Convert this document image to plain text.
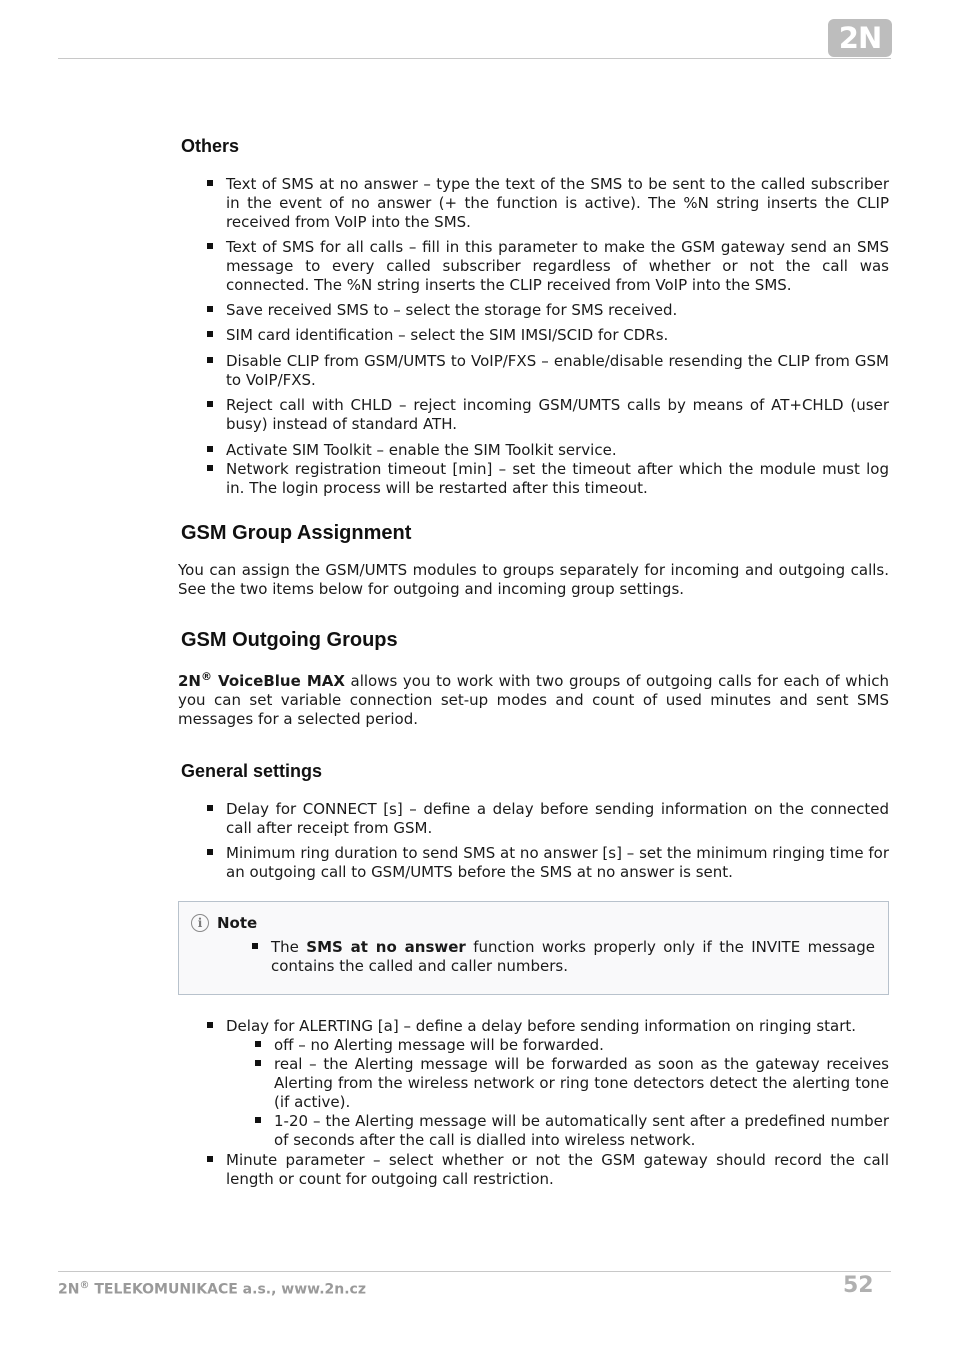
2N
Others
Text of SMS at no answer – type the text of the SMS to be sent to the called subscriber in the event of no answer (+ the function is active). The %N string inserts the CLIP received from VoIP into the SMS.
Text of SMS for all calls – fill in this parameter to make the GSM gateway send an SMS message to every called subscriber regardless of whether or not the call was connected. The %N string inserts the CLIP received from VoIP into the SMS.
Save received SMS to – select the storage for SMS received.
SIM card identification – select the SIM IMSI/SCID for CDRs.
Disable CLIP from GSM/UMTS to VoIP/FXS – enable/disable resending the CLIP from GSM to VoIP/FXS.
Reject call with CHLD – reject incoming GSM/UMTS calls by means of AT+CHLD (user busy) instead of standard ATH.
Activate SIM Toolkit – enable the SIM Toolkit service.
Network registration timeout [min] – set the timeout after which the module must log in. The login process will be restarted after this timeout.
GSM Group Assignment

You can assign the GSM/UMTS modules to groups separately for incoming and outgoing calls. See the two items below for outgoing and incoming group settings.

GSM Outgoing Groups

2N® VoiceBlue MAX allows you to work with two groups of outgoing calls for each of which you can set variable connection set-up modes and count of used minutes and sent SMS messages for a selected period.

General settings
Delay for CONNECT [s] – define a delay before sending information on the connected call after receipt from GSM.
Minimum ring duration to send SMS at no answer [s] – set the minimum ringing time for an outgoing call to GSM/UMTS before the SMS at no answer is sent.
i Note
The SMS at no answer function works properly only if the INVITE message contains the called and caller numbers.
Delay for ALERTING [a] – define a delay before sending information on ringing start.
off – no Alerting message will be forwarded.
real – the Alerting message will be forwarded as soon as the gateway receives Alerting from the wireless network or ring tone detectors detect the alerting tone (if active).
1-20 – the Alerting message will be automatically sent after a predefined number of seconds after the call is dialled into wireless network.
Minute parameter – select whether or not the GSM gateway should record the call length or count for outgoing call restriction.
2N® TELEKOMUNIKACE a.s., www.2n.cz	52
